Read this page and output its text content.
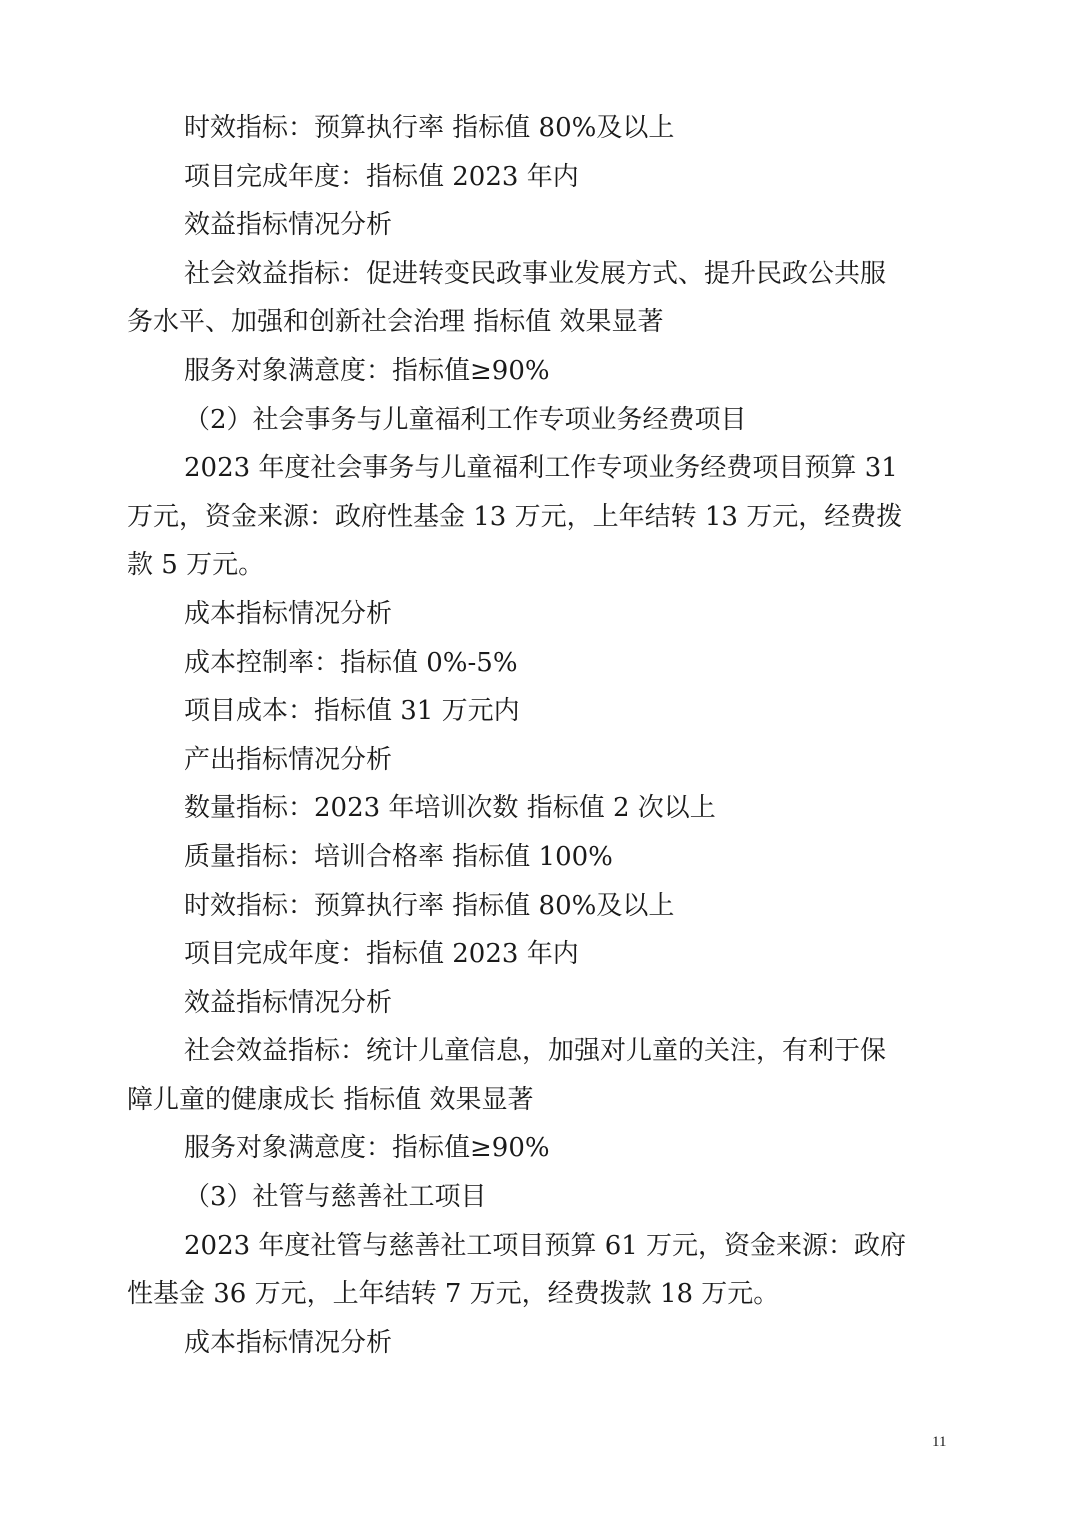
时效指标：预算执行率 指标值 80%及以上
项目完成年度：指标值 2023 年内
效益指标情况分析
社会效益指标：促进转变民政事业发展方式、提升民政公共服
务水平、加强和创新社会治理 指标值 效果显著
服务对象满意度：指标值≥90%
（2）社会事务与儿童福利工作专项业务经费项目
2023 年度社会事务与儿童福利工作专项业务经费项目预算 31
万元，资金来源：政府性基金 13 万元，上年结转 13 万元，经费拨
款 5 万元。
成本指标情况分析
成本控制率：指标值 0%-5%
项目成本：指标值 31 万元内
产出指标情况分析
数量指标：2023 年培训次数 指标值 2 次以上
质量指标：培训合格率 指标值 100%
时效指标：预算执行率 指标值 80%及以上
项目完成年度：指标值 2023 年内
效益指标情况分析
社会效益指标：统计儿童信息，加强对儿童的关注，有利于保
障儿童的健康成长 指标值 效果显著
服务对象满意度：指标值≥90%
（3）社管与慈善社工项目
2023 年度社管与慈善社工项目预算 61 万元，资金来源：政府
性基金 36 万元，上年结转 7 万元，经费拨款 18 万元。
成本指标情况分析
11
